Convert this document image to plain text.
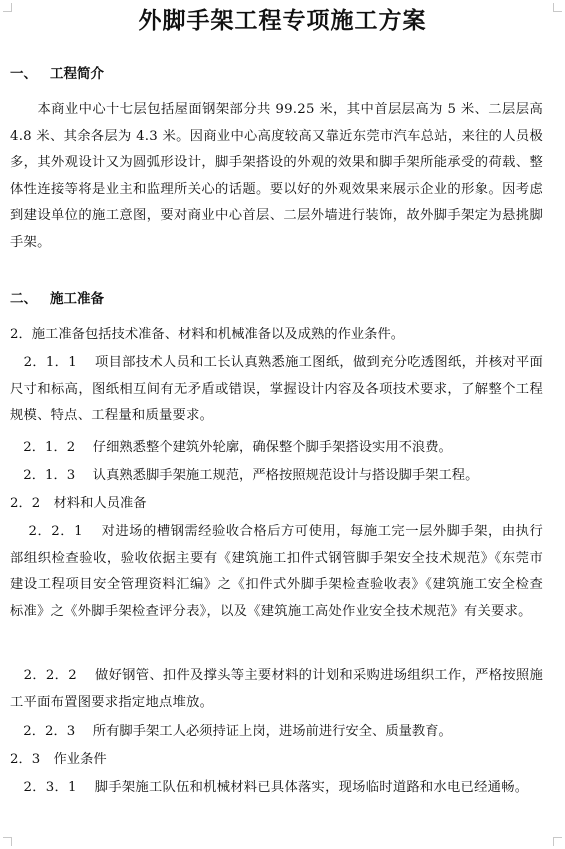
外脚手架工程专项施工方案
一、 工程简介
　　本商业中心十七层包括屋面钢架部分共 99.25 米，其中首层层高为 5 米、二层层高 4.8 米、其余各层为 4.3 米。因商业中心高度较高又靠近东莞市汽车总站，来往的人员极多，其外观设计又为圆弧形设计，脚手架搭设的外观的效果和脚手架所能承受的荷载、整体性连接等将是业主和监理所关心的话题。要以好的外观效果来展示企业的形象。因考虑到建设单位的施工意图，要对商业中心首层、二层外墙进行装饰，故外脚手架定为悬挑脚手架。
二、 施工准备
2．施工准备包括技术准备、材料和机械准备以及成熟的作业条件。
　2．1．1　 项目部技术人员和工长认真熟悉施工图纸，做到充分吃透图纸，并核对平面尺寸和标高，图纸相互间有无矛盾或错误，掌握设计内容及各项技术要求，了解整个工程规模、特点、工程量和质量要求。
　2．1．2　 仔细熟悉整个建筑外轮廓，确保整个脚手架搭设实用不浪费。
　2．1．3　 认真熟悉脚手架施工规范，严格按照规范设计与搭设脚手架工程。
2．2　材料和人员准备
　 2．2．1　 对进场的槽钢需经验收合格后方可使用，每施工完一层外脚手架，由执行部组织检查验收，验收依据主要有《建筑施工扣件式钢管脚手架安全技术规范》《东莞市建设工程项目安全管理资料汇编》之《扣件式外脚手架检查验收表》《建筑施工安全检查标准》之《外脚手架检查评分表》，以及《建筑施工高处作业安全技术规范》有关要求。
　2．2．2　 做好钢管、扣件及撑头等主要材料的计划和采购进场组织工作，严格按照施工平面布置图要求指定地点堆放。
　2．2．3　 所有脚手架工人必须持证上岗，进场前进行安全、质量教育。
2．3　作业条件
　2．3．1　 脚手架施工队伍和机械材料已具体落实，现场临时道路和水电已经通畅。
